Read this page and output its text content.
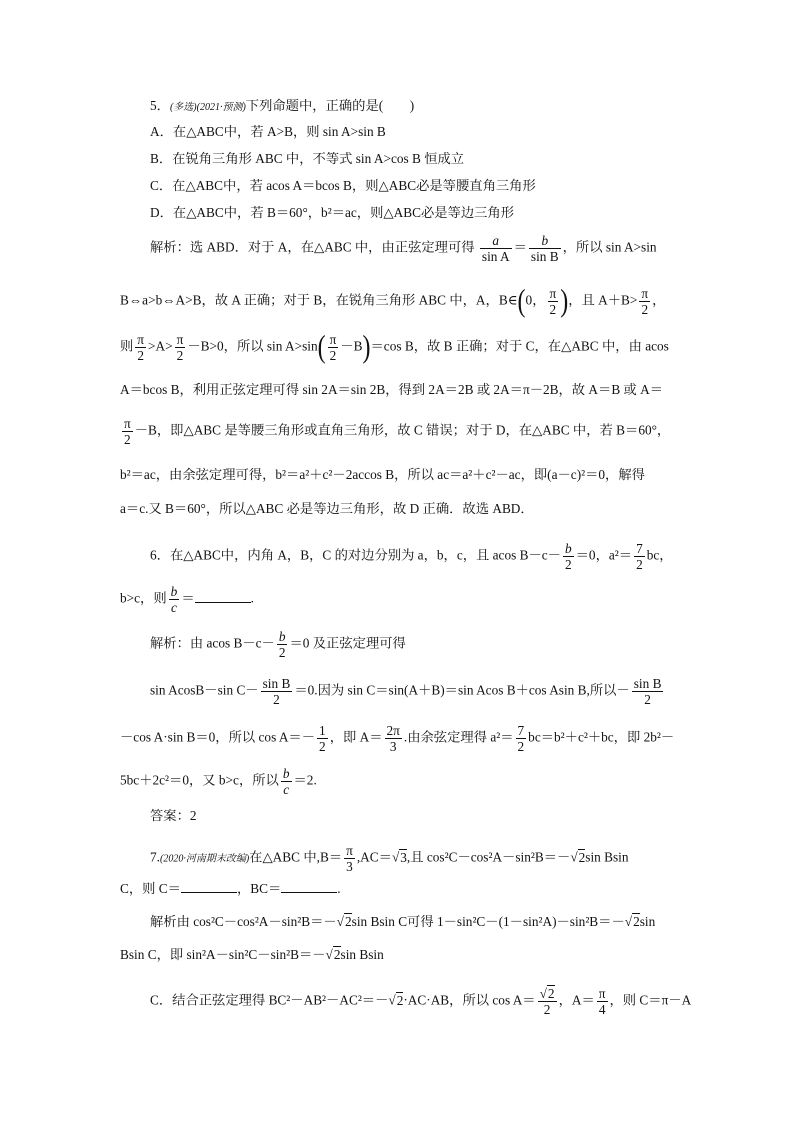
5．(多选)(2021·预测)下列命题中，正确的是(　　)
A．在△ABC中，若 A>B，则 sin A>sin B
B．在锐角三角形 ABC 中，不等式 sin A>cos B 恒成立
C．在△ABC中，若 acos A＝bcos B，则△ABC必是等腰直角三角形
D．在△ABC中，若 B＝60°，b²＝ac，则△ABC必是等边三角形
解析：选 ABD．对于 A，在△ABC 中，由正弦定理可得 $\frac{a}{\text{sin A}} = \frac{b}{\text{sin B}}$ ，所以 sin A>sin
B⇔a>b⇔A>B，故 A 正确；对于 B，在锐角三角形 ABC 中，A，B∈(0， $\frac{\pi}{2}$ )，且 $A+B> \frac{\pi}{2}$ ，
则 $\frac{\pi}{2} >A> \frac{\pi}{2} -B>0$，所以 $\sin A>\sin( \frac{\pi}{2} -B)=\cos$ B，故 B 正确；对于 C，在△ABC 中，由 acos
A＝bcos B，利用正弦定理可得 sin 2A＝sin 2B，得到 2A＝2B 或 2A＝π－2B，故 A＝B 或 A＝
$\frac{\pi}{2} -B$，即△ABC 是等腰三角形或直角三角形，故 C 错误；对于 D，在△ABC 中，若 B＝60°，
b²＝ac，由余弦定理可得，b²＝a²＋c²－2accos B，所以 ac＝a²＋c²－ac，即(a－c)²＝0，解得
a＝c.又 B＝60°，所以△ABC 必是等边三角形，故 D 正确．故选 ABD．
6．在△ABC中，内角 A，B，C 的对边分别为 a，b，c，且 acos $B-c- \frac{b}{2} =0$，$a^2= \frac{7}{2}$ bc，
b>c，则 $\frac{b}{c}$ ＝	.
解析：由 acos $B-c- \frac{b}{2} =0$ 及正弦定理可得
sin AcosB－sin $C- \frac{\text{sin B}}{2} =0$.因为 sin C＝sin(A＋B)＝sin Acos B＋cos Asin B,所以－ $\frac{\text{sin B}}{2}$
－cos A·sin B＝0，所以 $\cos A=- \frac{1}{2}$ ，即 $A= \frac{2\pi}{3}$ .由余弦定理得 $a^2= \frac{7}{2} bc=b^2+c^2+bc$，即 2b²－
5bc＋2c²＝0，又 b>c，所以 $\frac{b}{c} =2$.
答案：2
7.(2020·河南期末改编)在△ABC 中$,B= \frac{\pi}{3} ,AC=√3$,且 cos²C－cos²A－sin²B＝－√2sin Bsin
C，则 C＝	，BC＝	.
解析由 cos²C－cos²A－sin²B＝－√2sin Bsin C可得 1－sin²C－(1－sin²A)－sin²B＝－√2sin
Bsin C，即 sin²A－sin²C－sin²B＝－√2sin Bsin
C．结合正弦定理得 BC²－AB²－AC²＝－√2·AC·AB，所以 $\cos A= \frac{√2}{2}$ ，$A= \frac{\pi}{4}$ ，则 C＝π－A
